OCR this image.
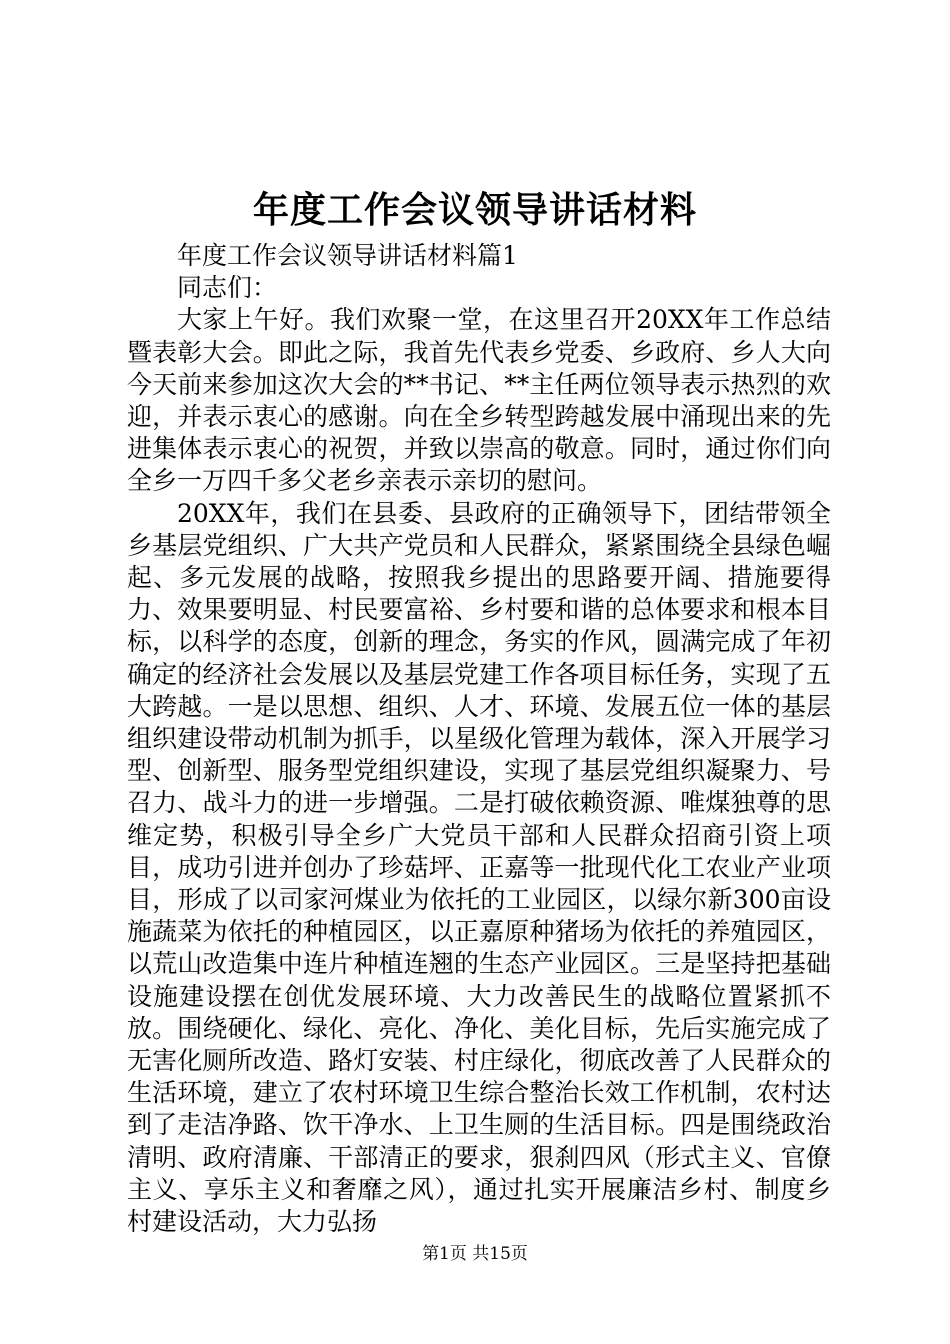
年度工作会议领导讲话材料

年度工作会议领导讲话材料篇1

同志们：

大家上午好。我们欢聚一堂，在这里召开20XX年工作总结暨表彰大会。即此之际，我首先代表乡党委、乡政府、乡人大向今天前来参加这次大会的**书记、**主任两位领导表示热烈的欢迎，并表示衷心的感谢。向在全乡转型跨越发展中涌现出来的先进集体表示衷心的祝贺，并致以崇高的敬意。同时，通过你们向全乡一万四千多父老乡亲表示亲切的慰问。

20XX年，我们在县委、县政府的正确领导下，团结带领全乡基层党组织、广大共产党员和人民群众，紧紧围绕全县绿色崛起、多元发展的战略，按照我乡提出的思路要开阔、措施要得力、效果要明显、村民要富裕、乡村要和谐的总体要求和根本目标，以科学的态度，创新的理念，务实的作风，圆满完成了年初确定的经济社会发展以及基层党建工作各项目标任务，实现了五大跨越。一是以思想、组织、人才、环境、发展五位一体的基层组织建设带动机制为抓手，以星级化管理为载体，深入开展学习型、创新型、服务型党组织建设，实现了基层党组织凝聚力、号召力、战斗力的进一步增强。二是打破依赖资源、唯煤独尊的思维定势，积极引导全乡广大党员干部和人民群众招商引资上项目，成功引进并创办了珍菇坪、正嘉等一批现代化工农业产业项目，形成了以司家河煤业为依托的工业园区，以绿尔新300亩设施蔬菜为依托的种植园区，以正嘉原种猪场为依托的养殖园区，以荒山改造集中连片种植连翘的生态产业园区。三是坚持把基础设施建设摆在创优发展环境、大力改善民生的战略位置紧抓不放。围绕硬化、绿化、亮化、净化、美化目标，先后实施完成了无害化厕所改造、路灯安装、村庄绿化，彻底改善了人民群众的生活环境，建立了农村环境卫生综合整治长效工作机制，农村达到了走洁净路、饮干净水、上卫生厕的生活目标。四是围绕政治清明、政府清廉、干部清正的要求，狠刹四风（形式主义、官僚主义、享乐主义和奢靡之风），通过扎实开展廉洁乡村、制度乡村建设活动，大力弘扬

第1页 共15页
